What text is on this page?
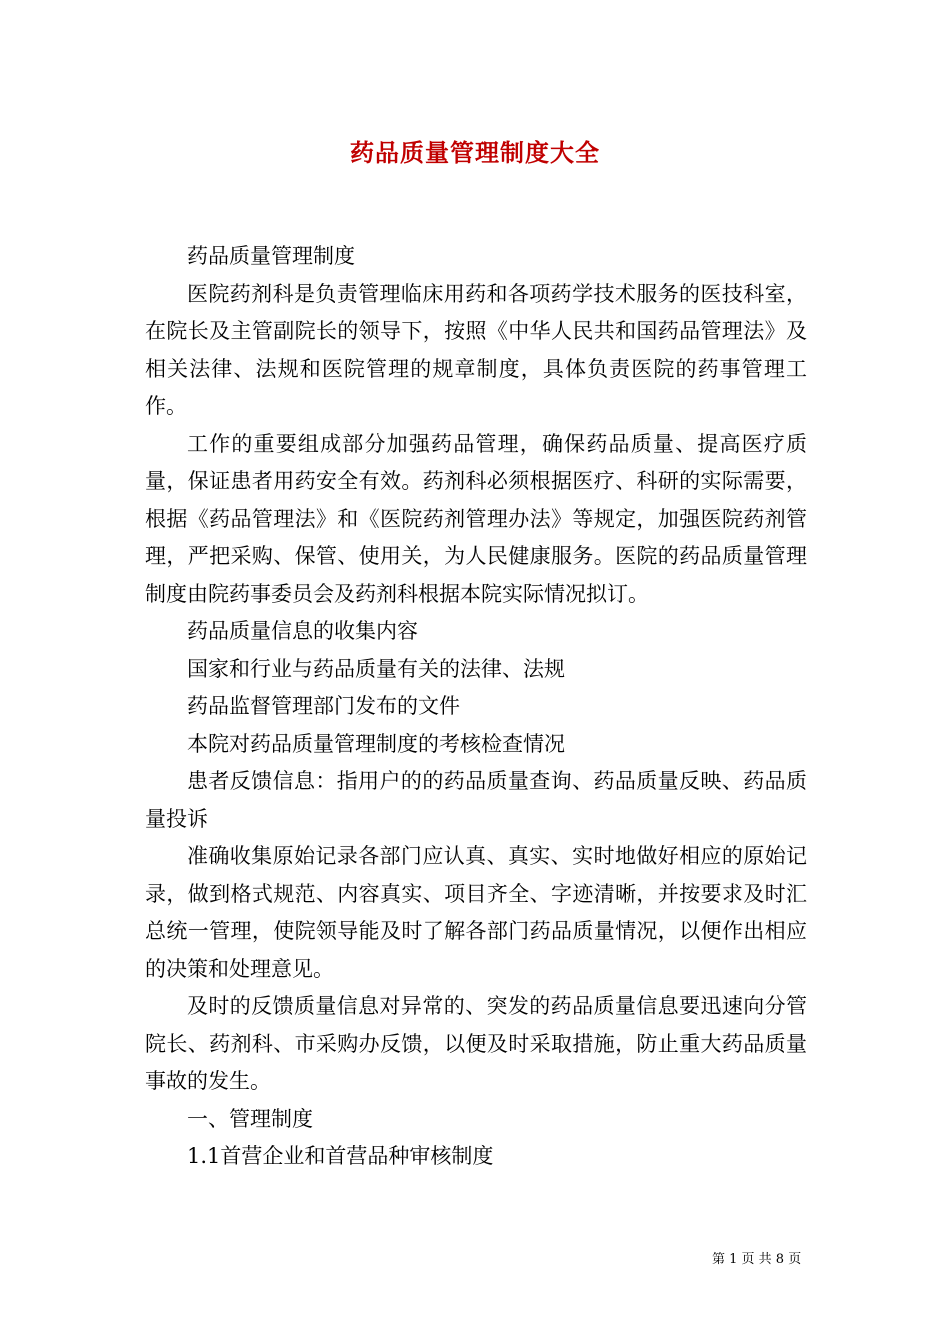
药品质量管理制度大全

药品质量管理制度

医院药剂科是负责管理临床用药和各项药学技术服务的医技科室，在院长及主管副院长的领导下，按照《中华人民共和国药品管理法》及相关法律、法规和医院管理的规章制度，具体负责医院的药事管理工作。

工作的重要组成部分加强药品管理，确保药品质量、提高医疗质量，保证患者用药安全有效。药剂科必须根据医疗、科研的实际需要，根据《药品管理法》和《医院药剂管理办法》等规定，加强医院药剂管理，严把采购、保管、使用关，为人民健康服务。医院的药品质量管理制度由院药事委员会及药剂科根据本院实际情况拟订。

药品质量信息的收集内容

国家和行业与药品质量有关的法律、法规

药品监督管理部门发布的文件

本院对药品质量管理制度的考核检查情况

患者反馈信息：指用户的的药品质量查询、药品质量反映、药品质量投诉

准确收集原始记录各部门应认真、真实、实时地做好相应的原始记录，做到格式规范、内容真实、项目齐全、字迹清晰，并按要求及时汇总统一管理，使院领导能及时了解各部门药品质量情况，以便作出相应的决策和处理意见。

及时的反馈质量信息对异常的、突发的药品质量信息要迅速向分管院长、药剂科、市采购办反馈，以便及时采取措施，防止重大药品质量事故的发生。

一、管理制度

1.1首营企业和首营品种审核制度

第 1 页 共 8 页
